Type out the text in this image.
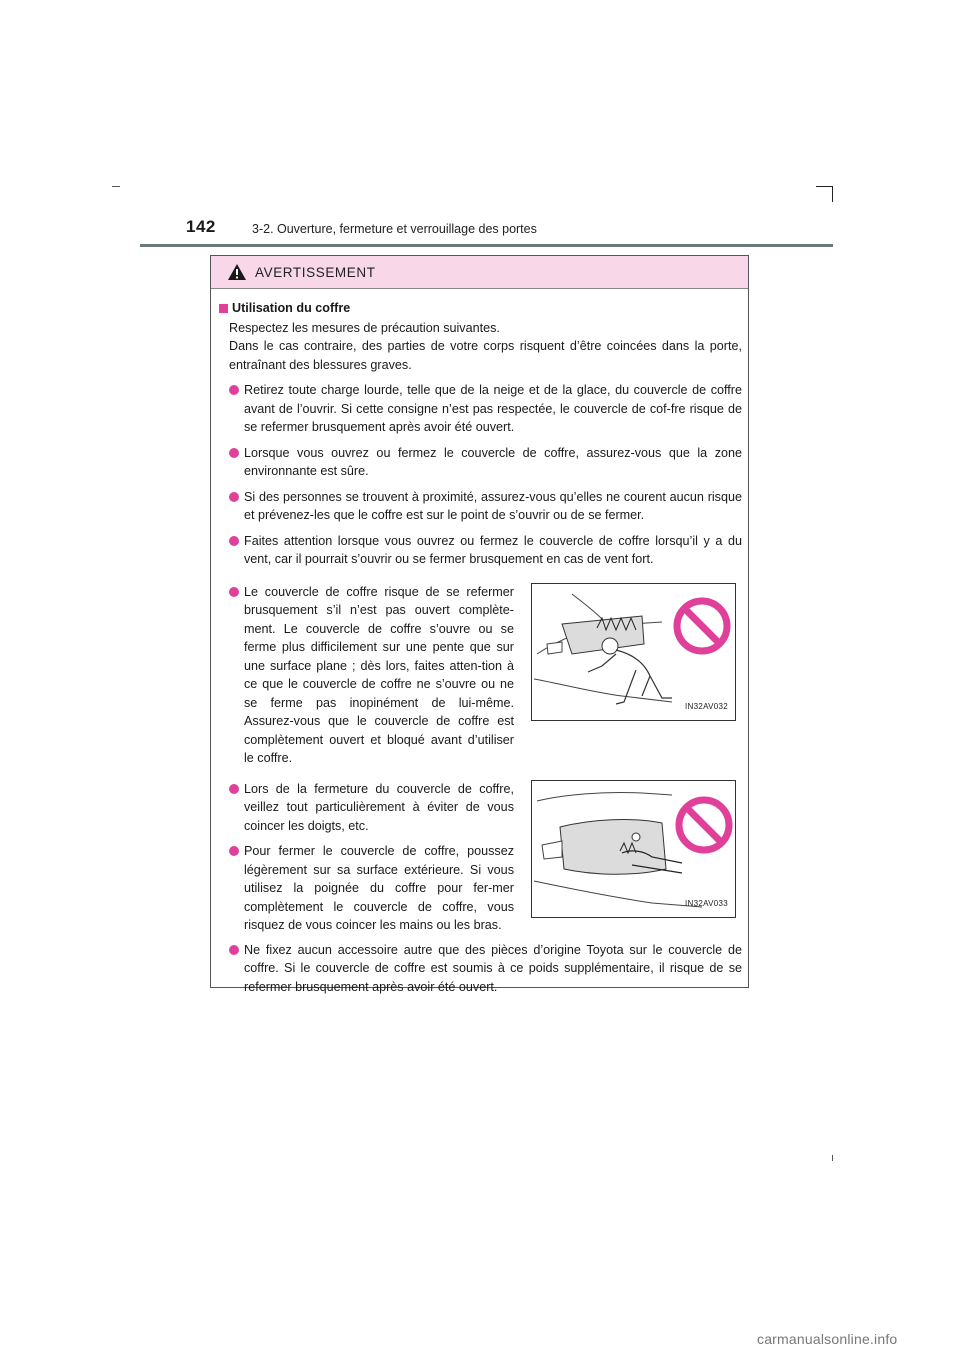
142	3-2. Ouverture, fermeture et verrouillage des portes
AVERTISSEMENT
Utilisation du coffre
Respectez les mesures de précaution suivantes.
Dans le cas contraire, des parties de votre corps risquent d’être coincées dans la porte, entraînant des blessures graves.
Retirez toute charge lourde, telle que de la neige et de la glace, du couvercle de coffre avant de l’ouvrir. Si cette consigne n’est pas respectée, le couvercle de cof-fre risque de se refermer brusquement après avoir été ouvert.
Lorsque vous ouvrez ou fermez le couvercle de coffre, assurez-vous que la zone environnante est sûre.
Si des personnes se trouvent à proximité, assurez-vous qu’elles ne courent aucun risque et prévenez-les que le coffre est sur le point de s’ouvrir ou de se fermer.
Faites attention lorsque vous ouvrez ou fermez le couvercle de coffre lorsqu’il y a du vent, car il pourrait s’ouvrir ou se fermer brusquement en cas de vent fort.
Le couvercle de coffre risque de se refermer brusquement s’il n’est pas ouvert complète-ment. Le couvercle de coffre s’ouvre ou se ferme plus difficilement sur une pente que sur une surface plane ; dès lors, faites atten-tion à ce que le couvercle de coffre ne s’ouvre ou ne se ferme pas inopinément de lui-même. Assurez-vous que le couvercle de coffre est complètement ouvert et bloqué avant d’utiliser le coffre.
IN32AV032
Lors de la fermeture du couvercle de coffre, veillez tout particulièrement à éviter de vous coincer les doigts, etc.
Pour fermer le couvercle de coffre, poussez légèrement sur sa surface extérieure. Si vous utilisez la poignée du coffre pour fer-mer complètement le couvercle de coffre, vous risquez de vous coincer les mains ou les bras.
IN32AV033
Ne fixez aucun accessoire autre que des pièces d’origine Toyota sur le couvercle de coffre. Si le couvercle de coffre est soumis à ce poids supplémentaire, il risque de se refermer brusquement après avoir été ouvert.
carmanualsonline.info
